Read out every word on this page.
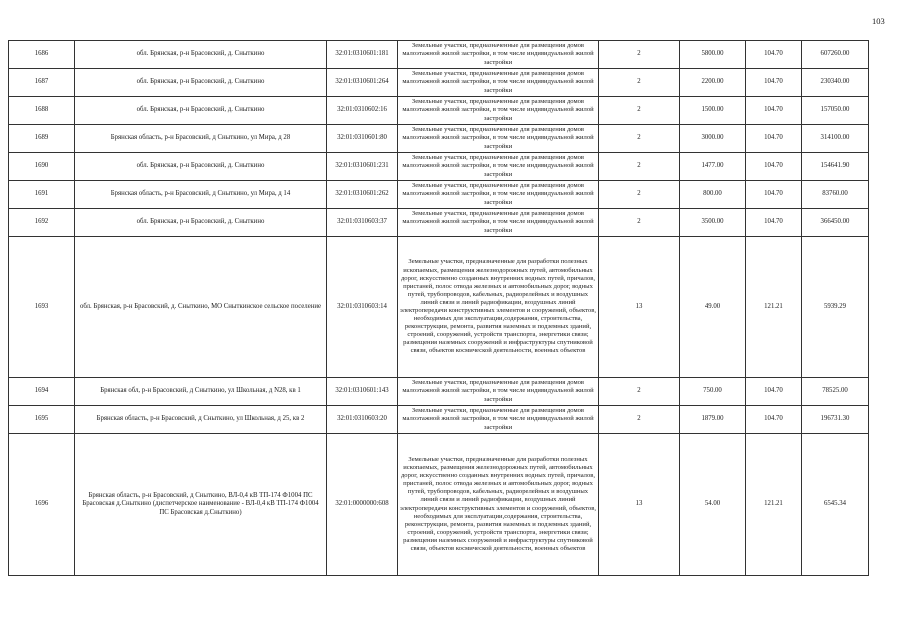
103
1686	обл. Брянская, р-н Брасовский, д. Сныткино	32:01:0310601:181	Земельные участки, предназначенные для размещения домов малоэтажной жилой застройки, в том числе индивидуальной жилой застройки	2	5800.00	104.70	607260.00
1687	обл. Брянская, р-н Брасовский, д. Сныткино	32:01:0310601:264	Земельные участки, предназначенные для размещения домов малоэтажной жилой застройки, в том числе индивидуальной жилой застройки	2	2200.00	104.70	230340.00
1688	обл. Брянская, р-н Брасовский, д. Сныткино	32:01:0310602:16	Земельные участки, предназначенные для размещения домов малоэтажной жилой застройки, в том числе индивидуальной жилой застройки	2	1500.00	104.70	157050.00
1689	Брянская область, р-н Брасовский, д Сныткино, ул Мира, д 28	32:01:0310601:80	Земельные участки, предназначенные для размещения домов малоэтажной жилой застройки, в том числе индивидуальной жилой застройки	2	3000.00	104.70	314100.00
1690	обл. Брянская, р-н Брасовский, д. Сныткино	32:01:0310601:231	Земельные участки, предназначенные для размещения домов малоэтажной жилой застройки, в том числе индивидуальной жилой застройки	2	1477.00	104.70	154641.90
1691	Брянская область, р-н Брасовский, д Сныткино, ул Мира, д 14	32:01:0310601:262	Земельные участки, предназначенные для размещения домов малоэтажной жилой застройки, в том числе индивидуальной жилой застройки	2	800.00	104.70	83760.00
1692	обл. Брянская, р-н Брасовский, д. Сныткино	32:01:0310603:37	Земельные участки, предназначенные для размещения домов малоэтажной жилой застройки, в том числе индивидуальной жилой застройки	2	3500.00	104.70	366450.00
1693	обл. Брянская, р-н Брасовский, д. Сныткино, МО Сныткинское сельское поселение	32:01:0310603:14	Земельные участки, предназначенные для разработки полезных ископаемых, размещения железнодорожных путей, автомобильных дорог, искусственно созданных внутренних водных путей, причалов, пристаней, полос отвода железных и автомобильных дорог, водных путей, трубопроводов, кабельных, радиорелейных и воздушных линий связи и линий радиофикации, воздушных линий электропередачи конструктивных элементов и сооружений, объектов, необходимых для эксплуатации,содержания, строительства, реконструкции, ремонта, развития наземных и подземных зданий, строений, сооружений, устройств транспорта, энергетики связи; размещения наземных сооружений и инфраструктуры спутниковой связи, объектов космической деятельности, военных объектов	13	49.00	121.21	5939.29
1694	Брянская обл, р-н Брасовский, д Сныткино, ул Школьная, д N28, кв 1	32:01:0310601:143	Земельные участки, предназначенные для размещения домов малоэтажной жилой застройки, в том числе индивидуальной жилой застройки	2	750.00	104.70	78525.00
1695	Брянская область, р-н Брасовский, д Сныткино, ул Школьная, д 25, кв 2	32:01:0310603:20	Земельные участки, предназначенные для размещения домов малоэтажной жилой застройки, в том числе индивидуальной жилой застройки	2	1879.00	104.70	196731.30
1696	Брянская область, р-н Брасовский, д Сныткино, ВЛ-0,4 кВ ТП-174 Ф1004 ПС Брасовская д.Сныткино (диспетчерское наименование - ВЛ-0,4 кВ ТП-174 Ф1004 ПС Брасовская д.Сныткино)	32:01:0000000:608	Земельные участки, предназначенные для разработки полезных ископаемых, размещения железнодорожных путей, автомобильных дорог, искусственно созданных внутренних водных путей, причалов, пристаней, полос отвода железных и автомобильных дорог, водных путей, трубопроводов, кабельных, радиорелейных и воздушных линий связи и линий радиофикации, воздушных линий электропередачи конструктивных элементов и сооружений, объектов, необходимых для эксплуатации,содержания, строительства, реконструкции, ремонта, развития наземных и подземных зданий, строений, сооружений, устройств транспорта, энергетики связи; размещения наземных сооружений и инфраструктуры спутниковой связи, объектов космической деятельности, военных объектов	13	54.00	121.21	6545.34
